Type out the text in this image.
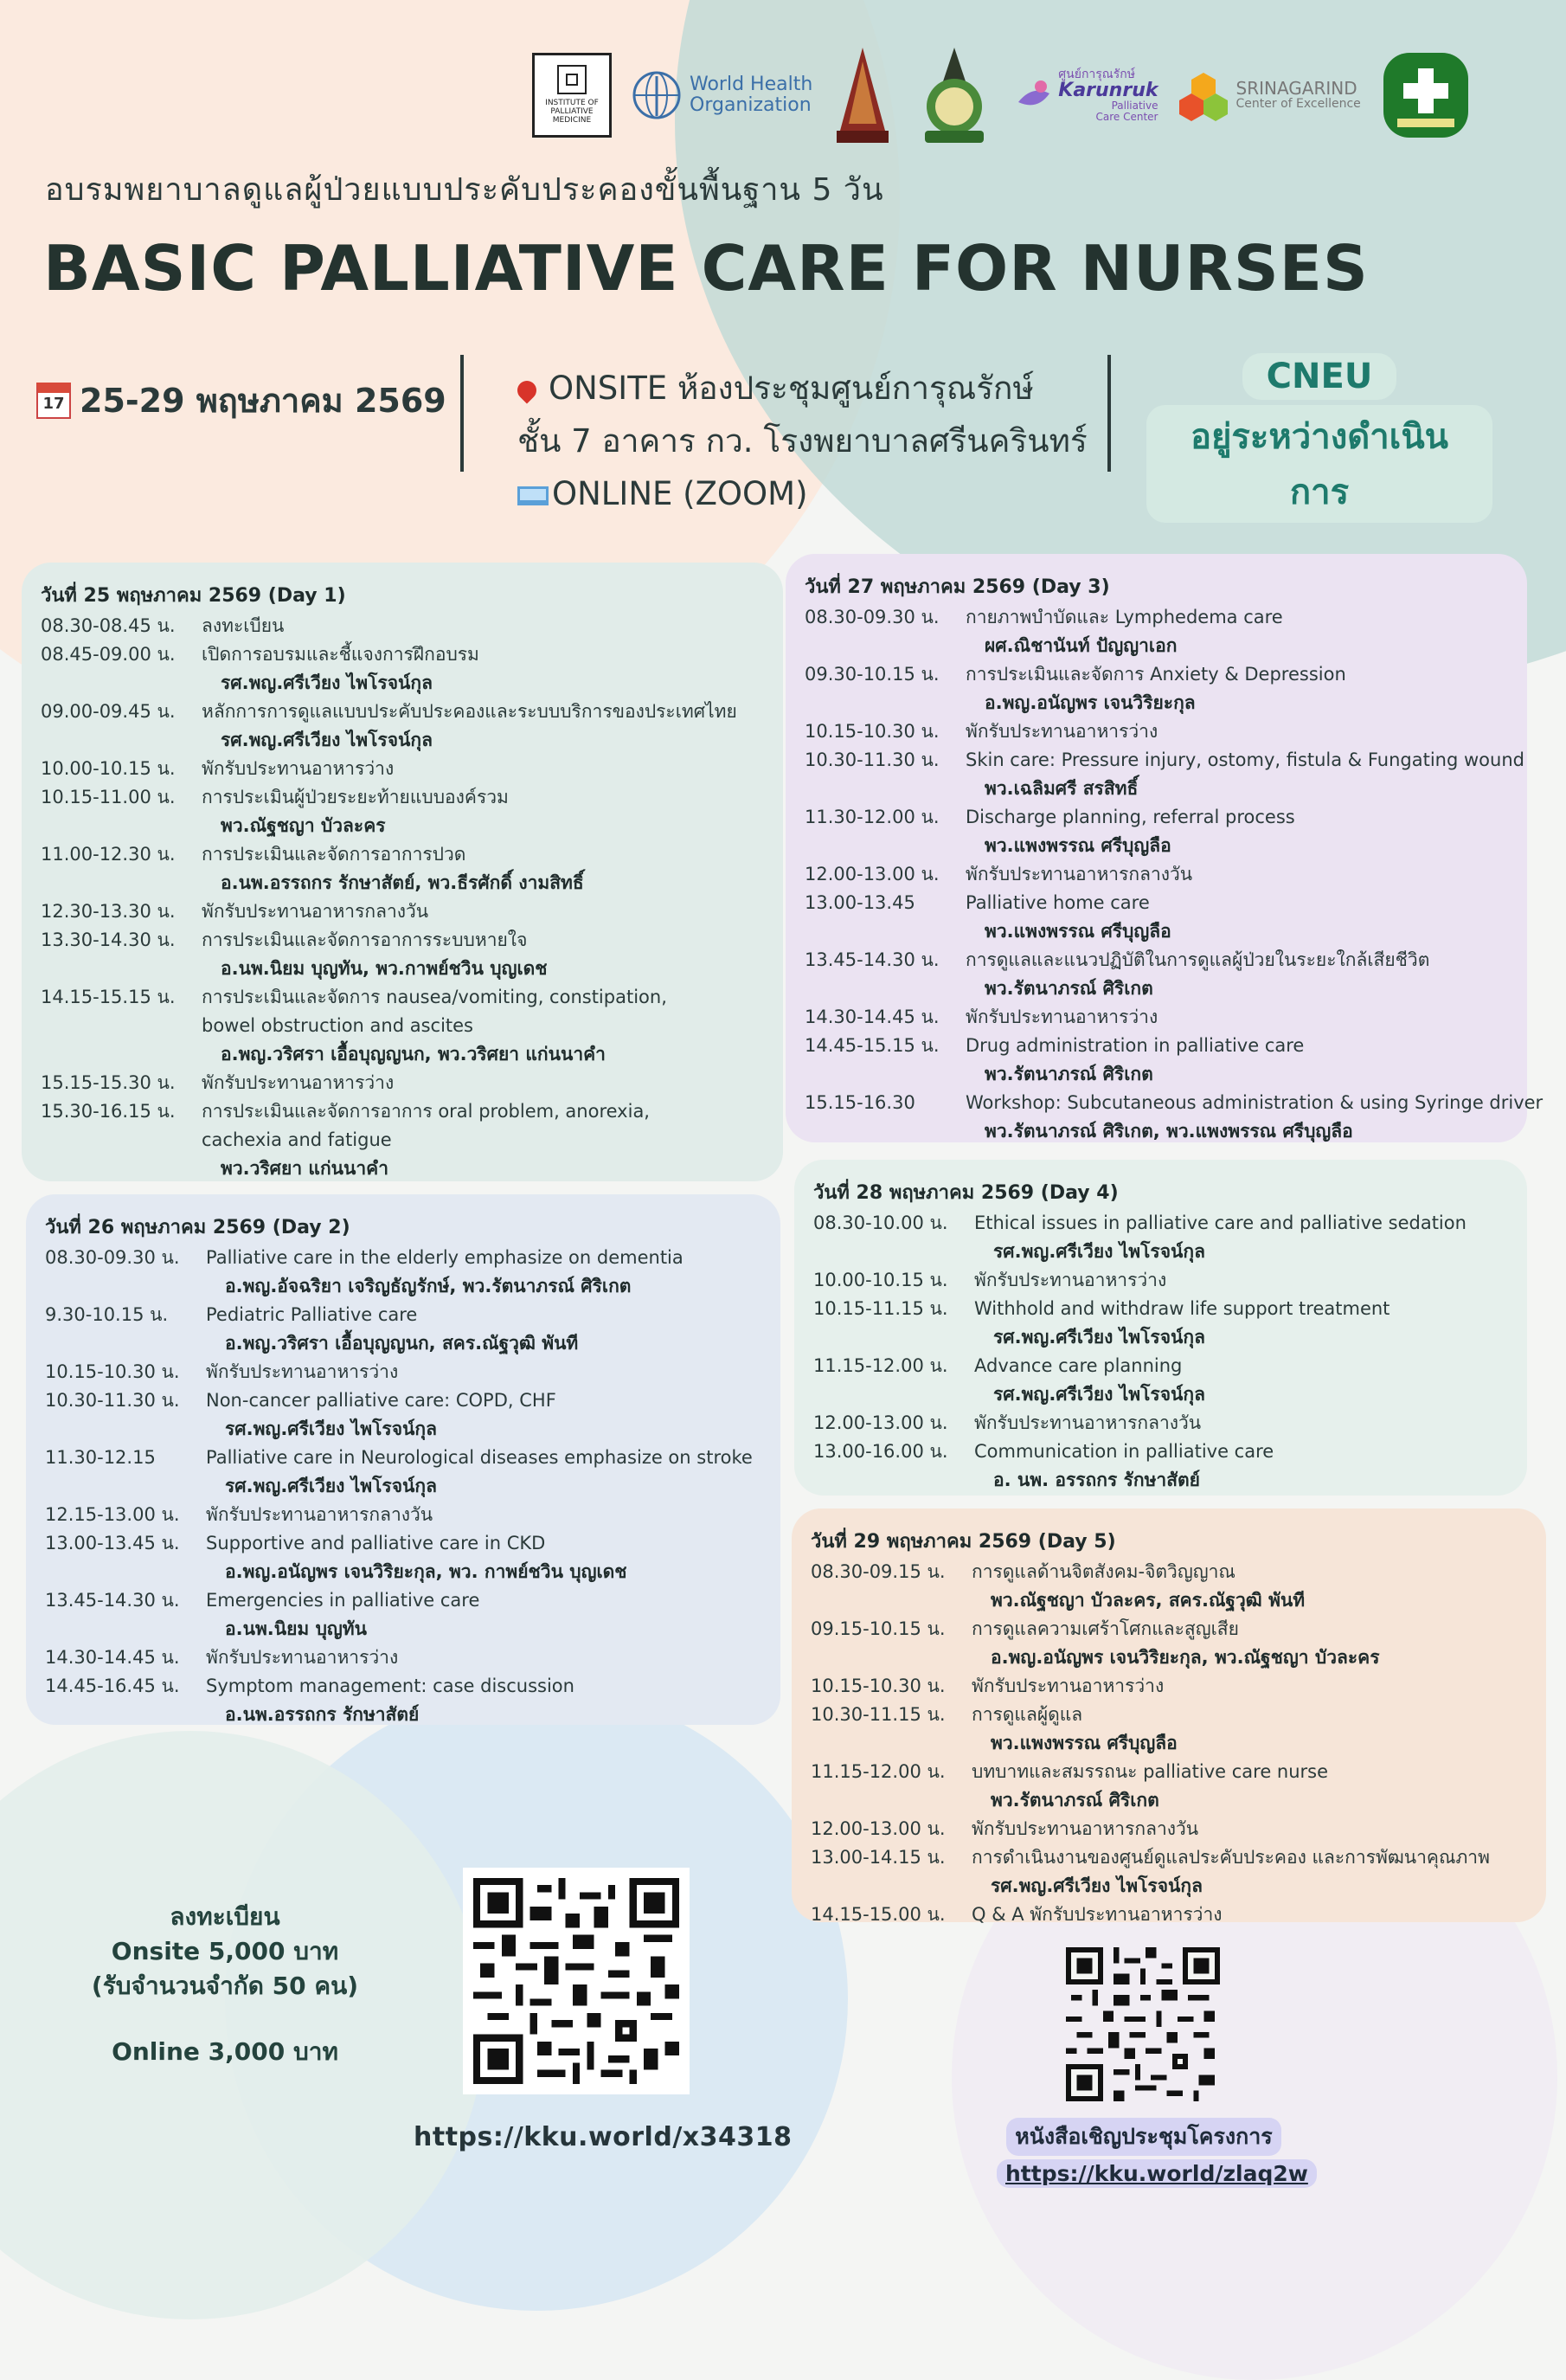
INSTITUTE OF PALLIATIVE MEDICINE
World Health
Organization
ศูนย์การุณรักษ์
Karunruk
Palliative
Care Center
SRINAGARIND
Center of Excellence
อบรมพยาบาลดูแลผู้ป่วยแบบประคับประคองขั้นพื้นฐาน 5 วัน
BASIC PALLIATIVE CARE FOR NURSES
17 25-29 พฤษภาคม 2569	ONSITE ห้องประชุมศูนย์การุณรักษ์
ชั้น 7 อาคาร กว. โรงพยาบาลศรีนครินทร์
ONLINE (ZOOM)
CNEU
อยู่ระหว่างดำเนินการ
วันที่ 25 พฤษภาคม 2569 (Day 1)
08.30-08.45 น.	ลงทะเบียน
08.45-09.00 น.	เปิดการอบรมและชี้แจงการฝึกอบรม
รศ.พญ.ศรีเวียง ไพโรจน์กุล
09.00-09.45 น.	หลักการการดูแลแบบประคับประคองและระบบบริการของประเทศไทย
รศ.พญ.ศรีเวียง ไพโรจน์กุล
10.00-10.15 น.	พักรับประทานอาหารว่าง
10.15-11.00 น.	การประเมินผู้ป่วยระยะท้ายแบบองค์รวม
พว.ณัฐชญา บัวละคร
11.00-12.30 น.	การประเมินและจัดการอาการปวด
อ.นพ.อรรถกร รักษาสัตย์, พว.ธีรศักดิ์ งามสิทธิ์
12.30-13.30 น.	พักรับประทานอาหารกลางวัน
13.30-14.30 น.	การประเมินและจัดการอาการระบบหายใจ
อ.นพ.นิยม บุญทัน, พว.กาพย์ชวิน บุญเดช
14.15-15.15 น.	การประเมินและจัดการ nausea/vomiting, constipation,
bowel obstruction and ascites
อ.พญ.วริศรา เอื้อบุญญนก, พว.วริศยา แก่นนาคำ
15.15-15.30 น.	พักรับประทานอาหารว่าง
15.30-16.15 น.	การประเมินและจัดการอาการ oral problem, anorexia,
cachexia and fatigue
พว.วริศยา แก่นนาคำ
วันที่ 26 พฤษภาคม 2569 (Day 2)
08.30-09.30 น.	Palliative care in the elderly emphasize on dementia
อ.พญ.อัจฉริยา เจริญธัญรักษ์, พว.รัตนาภรณ์ ศิริเกต
9.30-10.15 น.	Pediatric Palliative care
อ.พญ.วริศรา เอื้อบุญญนก, สคร.ณัฐวุฒิ พันที
10.15-10.30 น.	พักรับประทานอาหารว่าง
10.30-11.30 น.	Non-cancer palliative care: COPD, CHF
รศ.พญ.ศรีเวียง ไพโรจน์กุล
11.30-12.15	Palliative care in Neurological diseases emphasize on stroke
รศ.พญ.ศรีเวียง ไพโรจน์กุล
12.15-13.00 น.	พักรับประทานอาหารกลางวัน
13.00-13.45 น.	Supportive and palliative care in CKD
อ.พญ.อนัญพร เจนวิริยะกุล, พว. กาพย์ชวิน บุญเดช
13.45-14.30 น.	Emergencies in palliative care
อ.นพ.นิยม บุญทัน
14.30-14.45 น.	พักรับประทานอาหารว่าง
14.45-16.45 น.	Symptom management: case discussion
อ.นพ.อรรถกร รักษาสัตย์
วันที่ 27 พฤษภาคม 2569 (Day 3)
08.30-09.30 น.	กายภาพบำบัดและ Lymphedema care
ผศ.ณิชานันท์ ปัญญาเอก
09.30-10.15 น.	การประเมินและจัดการ Anxiety & Depression
อ.พญ.อนัญพร เจนวิริยะกุล
10.15-10.30 น.	พักรับประทานอาหารว่าง
10.30-11.30 น.	Skin care: Pressure injury, ostomy, fistula & Fungating wound
พว.เฉลิมศรี สรสิทธิ์
11.30-12.00 น.	Discharge planning, referral process
พว.แพงพรรณ ศรีบุญลือ
12.00-13.00 น.	พักรับประทานอาหารกลางวัน
13.00-13.45	Palliative home care
พว.แพงพรรณ ศรีบุญลือ
13.45-14.30 น.	การดูแลและแนวปฏิบัติในการดูแลผู้ป่วยในระยะใกล้เสียชีวิต
พว.รัตนาภรณ์ ศิริเกต
14.30-14.45 น.	พักรับประทานอาหารว่าง
14.45-15.15 น.	Drug administration in palliative care
พว.รัตนาภรณ์ ศิริเกต
15.15-16.30	Workshop: Subcutaneous administration & using Syringe driver
พว.รัตนาภรณ์ ศิริเกต, พว.แพงพรรณ ศรีบุญลือ
วันที่ 28 พฤษภาคม 2569 (Day 4)
08.30-10.00 น.	Ethical issues in palliative care and palliative sedation
รศ.พญ.ศรีเวียง ไพโรจน์กุล
10.00-10.15 น.	พักรับประทานอาหารว่าง
10.15-11.15 น.	Withhold and withdraw life support treatment
รศ.พญ.ศรีเวียง ไพโรจน์กุล
11.15-12.00 น.	Advance care planning
รศ.พญ.ศรีเวียง ไพโรจน์กุล
12.00-13.00 น.	พักรับประทานอาหารกลางวัน
13.00-16.00 น.	Communication in palliative care
อ. นพ. อรรถกร รักษาสัตย์
วันที่ 29 พฤษภาคม 2569 (Day 5)
08.30-09.15 น.	การดูแลด้านจิตสังคม-จิตวิญญาณ
พว.ณัฐชญา บัวละคร, สคร.ณัฐวุฒิ พันที
09.15-10.15 น.	การดูแลความเศร้าโศกและสูญเสีย
อ.พญ.อนัญพร เจนวิริยะกุล, พว.ณัฐชญา บัวละคร
10.15-10.30 น.	พักรับประทานอาหารว่าง
10.30-11.15 น.	การดูแลผู้ดูแล
พว.แพงพรรณ ศรีบุญลือ
11.15-12.00 น.	บทบาทและสมรรถนะ palliative care nurse
พว.รัตนาภรณ์ ศิริเกต
12.00-13.00 น.	พักรับประทานอาหารกลางวัน
13.00-14.15 น.	การดำเนินงานของศูนย์ดูแลประคับประคอง และการพัฒนาคุณภาพ
รศ.พญ.ศรีเวียง ไพโรจน์กุล
14.15-15.00 น.	Q & A พักรับประทานอาหารว่าง
ลงทะเบียน
Onsite 5,000 บาท
(รับจำนวนจำกัด 50 คน)
Online 3,000 บาท
https://kku.world/x34318	หนังสือเชิญประชุมโครงการ
https://kku.world/zlaq2w
